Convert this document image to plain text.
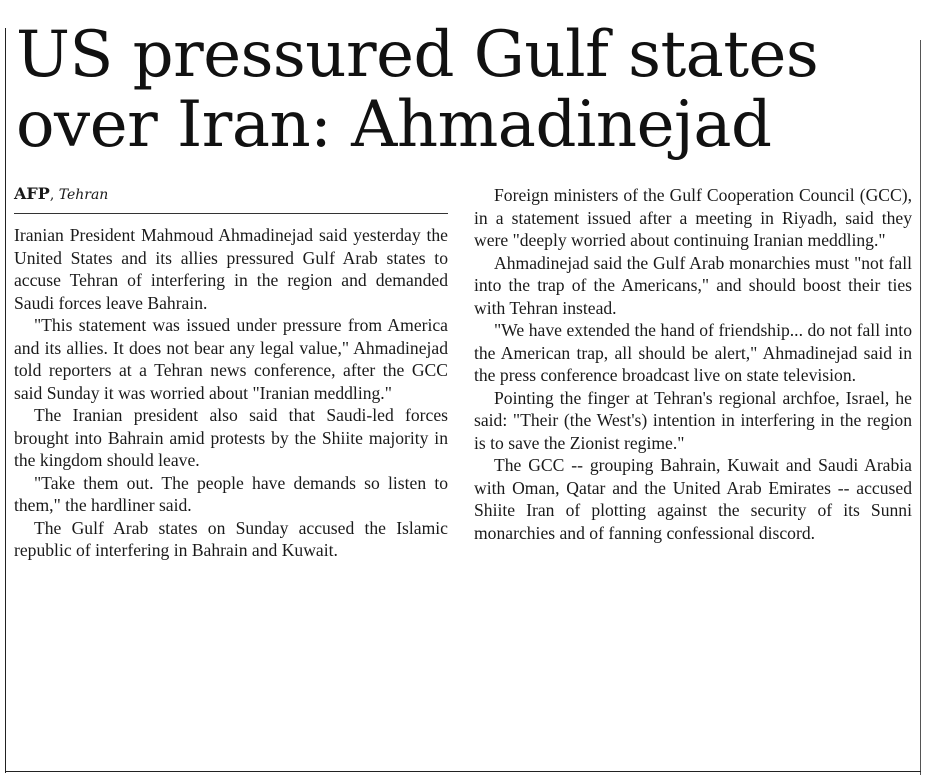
US pressured Gulf states
over Iran: Ahmadinejad
AFP, Tehran

Iranian President Mahmoud Ahmadinejad said yesterday the United States and its allies pressured Gulf Arab states to accuse Tehran of interfering in the region and demanded Saudi forces leave Bahrain.

"This statement was issued under pressure from America and its allies. It does not bear any legal value," Ahmadinejad told reporters at a Tehran news conference, after the GCC said Sunday it was worried about "Iranian meddling."

The Iranian president also said that Saudi-led forces brought into Bahrain amid protests by the Shiite majority in the kingdom should leave.

"Take them out. The people have demands so listen to them," the hardliner said.

The Gulf Arab states on Sunday accused the Islamic republic of interfering in Bahrain and Kuwait.

Foreign ministers of the Gulf Cooperation Council (GCC), in a statement issued after a meeting in Riyadh, said they were "deeply worried about continuing Iranian meddling."

Ahmadinejad said the Gulf Arab monarchies must "not fall into the trap of the Americans," and should boost their ties with Tehran instead.

"We have extended the hand of friendship... do not fall into the American trap, all should be alert," Ahmadinejad said in the press conference broadcast live on state television.

Pointing the finger at Tehran's regional archfoe, Israel, he said: "Their (the West's) intention in interfering in the region is to save the Zionist regime."

The GCC -- grouping Bahrain, Kuwait and Saudi Arabia with Oman, Qatar and the United Arab Emirates -- accused Shiite Iran of plotting against the security of its Sunni monarchies and of fanning confessional discord.
